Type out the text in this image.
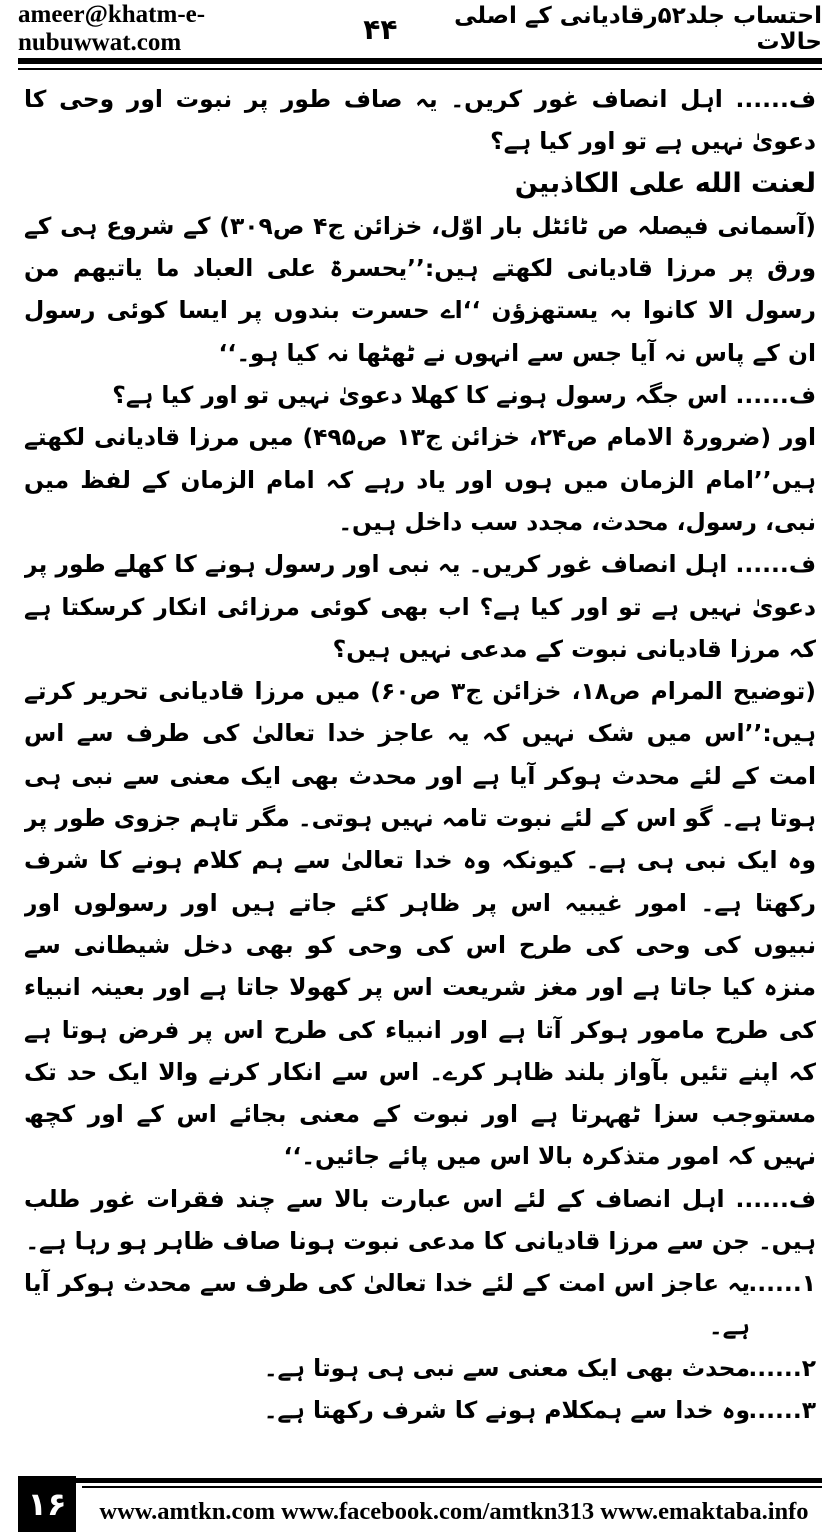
ameer@khatm-e-nubuwwat.com	۴۴	احتساب جلد۵۲رقادیانی کے اصلی حالات

ف...... اہل انصاف غور کریں۔ یہ صاف طور پر نبوت اور وحی کا دعویٰ نہیں ہے تو اور کیا ہے؟

لعنت الله علی الکاذبین

(آسمانی فیصلہ ص ٹائٹل بار اوّل، خزائن ج۴ ص۳۰۹) کے شروع ہی کے ورق پر مرزا قادیانی لکھتے ہیں:’’یحسرۃ علی العباد ما یاتیھم من رسول الا کانوا بہ یستھزؤن ‘‘اے حسرت بندوں پر ایسا کوئی رسول ان کے پاس نہ آیا جس سے انہوں نے ٹھٹھا نہ کیا ہو۔‘‘

ف...... اس جگہ رسول ہونے کا کھلا دعویٰ نہیں تو اور کیا ہے؟

اور (ضرورۃ الامام ص۲۴، خزائن ج۱۳ ص۴۹۵) میں مرزا قادیانی لکھتے ہیں’’امام الزمان میں ہوں اور یاد رہے کہ امام الزمان کے لفظ میں نبی، رسول، محدث، مجدد سب داخل ہیں۔

ف...... اہل انصاف غور کریں۔ یہ نبی اور رسول ہونے کا کھلے طور پر دعویٰ نہیں ہے تو اور کیا ہے؟ اب بھی کوئی مرزائی انکار کرسکتا ہے کہ مرزا قادیانی نبوت کے مدعی نہیں ہیں؟

(توضیح المرام ص۱۸، خزائن ج۳ ص۶۰) میں مرزا قادیانی تحریر کرتے ہیں:’’اس میں شک نہیں کہ یہ عاجز خدا تعالیٰ کی طرف سے اس امت کے لئے محدث ہوکر آیا ہے اور محدث بھی ایک معنی سے نبی ہی ہوتا ہے۔ گو اس کے لئے نبوت تامہ نہیں ہوتی۔ مگر تاہم جزوی طور پر وہ ایک نبی ہی ہے۔ کیونکہ وہ خدا تعالیٰ سے ہم کلام ہونے کا شرف رکھتا ہے۔ امور غیبیہ اس پر ظاہر کئے جاتے ہیں اور رسولوں اور نبیوں کی وحی کی طرح اس کی وحی کو بھی دخل شیطانی سے منزہ کیا جاتا ہے اور مغز شریعت اس پر کھولا جاتا ہے اور بعینہ انبیاء کی طرح مامور ہوکر آتا ہے اور انبیاء کی طرح اس پر فرض ہوتا ہے کہ اپنے تئیں بآواز بلند ظاہر کرے۔ اس سے انکار کرنے والا ایک حد تک مستوجب سزا ٹھہرتا ہے اور نبوت کے معنی بجائے اس کے اور کچھ نہیں کہ امور متذکرہ بالا اس میں پائے جائیں۔‘‘

ف...... اہل انصاف کے لئے اس عبارت بالا سے چند فقرات غور طلب ہیں۔ جن سے مرزا قادیانی کا مدعی نبوت ہونا صاف ظاہر ہو رہا ہے۔

۱......
یہ عاجز اس امت کے لئے خدا تعالیٰ کی طرف سے محدث ہوکر آیا ہے۔
۲......
محدث بھی ایک معنی سے نبی ہی ہوتا ہے۔
۳......
وہ خدا سے ہمکلام ہونے کا شرف رکھتا ہے۔
۱۶	www.amtkn.com www.facebook.com/amtkn313 www.emaktaba.info
